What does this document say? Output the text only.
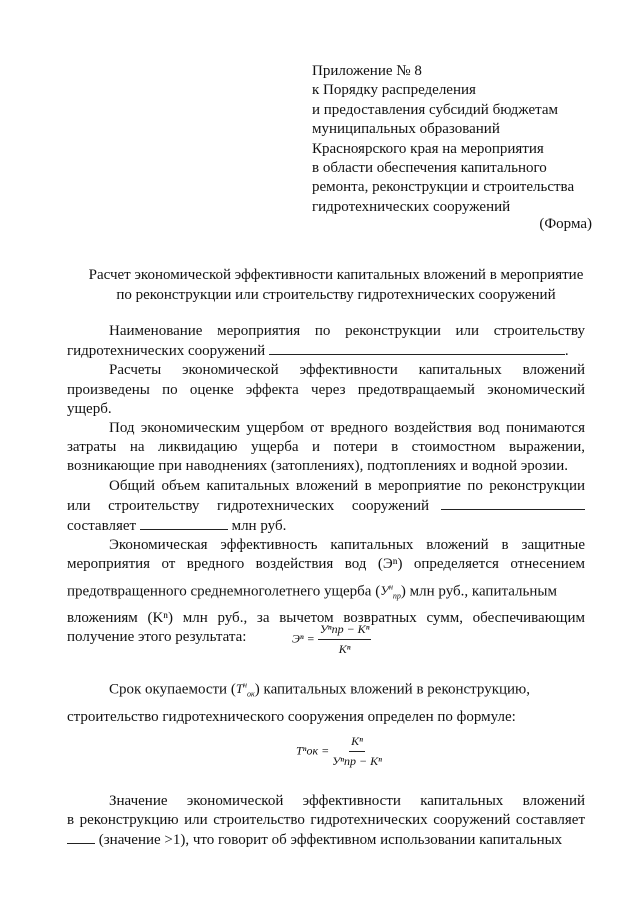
Приложение № 8
к Порядку распределения
и предоставления субсидий бюджетам
муниципальных образований
Красноярского края на мероприятия
в области обеспечения капитального
ремонта, реконструкции и строительства
гидротехнических сооружений
(Форма)
Расчет экономической эффективности капитальных вложений в мероприятие
по реконструкции или строительству гидротехнических сооружений
Наименование мероприятия по реконструкции или строительству
гидротехнических сооружений	.
Расчеты экономической эффективности капитальных вложений
произведены по оценке эффекта через предотвращаемый экономический
ущерб.
Под экономическим ущербом от вредного воздействия вод понимаются
затраты на ликвидацию ущерба и потери в стоимостном выражении,
возникающие при наводнениях (затоплениях), подтоплениях и водной эрозии.
Общий объем капитальных вложений в мероприятие по реконструкции
или строительству гидротехнических сооружений
составляет	млн руб.
Экономическая эффективность капитальных вложений в защитные
мероприятия от вредного воздействия вод (Эⁿ) определяется отнесением
предотвращенного среднемноголетнего ущерба $(У^н_{пр})$ млн руб., капитальным
вложениям (Kⁿ) млн руб., за вычетом возвратных сумм, обеспечивающим
получение этого результата:	$Э^n = \frac{\text{Уⁿпр − Kⁿ}}{\text{Kⁿ}}$
Срок окупаемости $(T^н_{ок})$ капитальных вложений в реконструкцию,
строительство гидротехнического сооружения определен по формуле:
$T^nок = \frac{\text{Kⁿ}}{\text{Уⁿпр − Kⁿ}}$
Значение экономической эффективности капитальных вложений
в реконструкцию или строительство гидротехнических сооружений составляет
(значение >1), что говорит об эффективном использовании капитальных
